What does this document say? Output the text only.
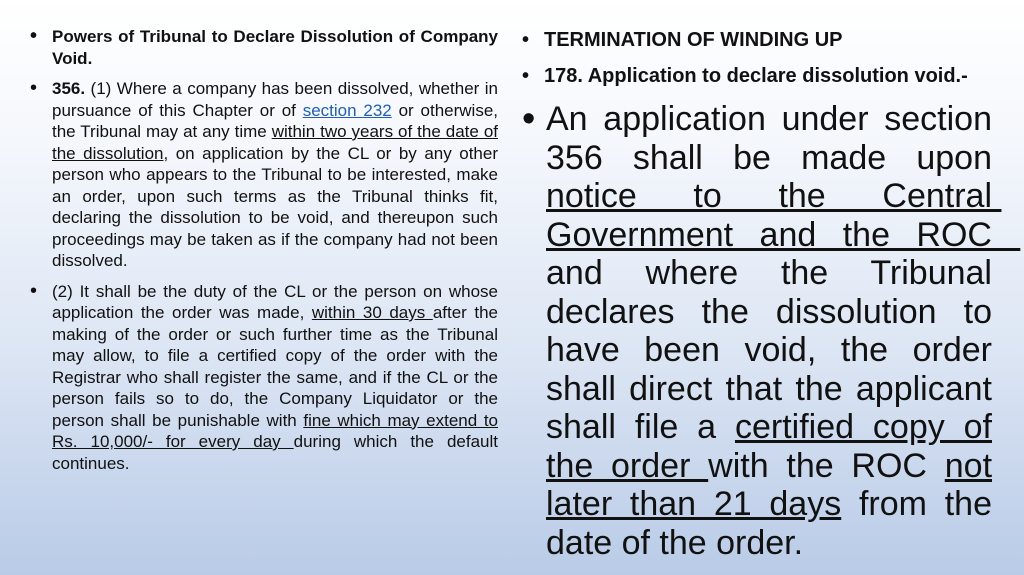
• Powers of Tribunal to Declare Dissolution of Company Void.
• 356. (1) Where a company has been dissolved, whether in pursuance of this Chapter or of section 232 or otherwise, the Tribunal may at any time within two years of the date of the dissolution, on application by the CL or by any other person who appears to the Tribunal to be interested, make an order, upon such terms as the Tribunal thinks fit, declaring the dissolution to be void, and thereupon such proceedings may be taken as if the company had not been dissolved.
• (2) It shall be the duty of the CL or the person on whose application the order was made, within 30 days after the making of the order or such further time as the Tribunal may allow, to file a certified copy of the order with the Registrar who shall register the same, and if the CL or the person fails so to do, the Company Liquidator or the person shall be punishable with fine which may extend to Rs. 10,000/- for every day during which the default continues.
• TERMINATION OF WINDING UP
• 178. Application to declare dissolution void.-
• An application under section 356 shall be made upon notice to the Central Government and the ROC   and where the Tribunal declares the dissolution to have been void, the order shall direct that the applicant shall file a certified copy of the order with the ROC not later than 21 days from the date of the order.
